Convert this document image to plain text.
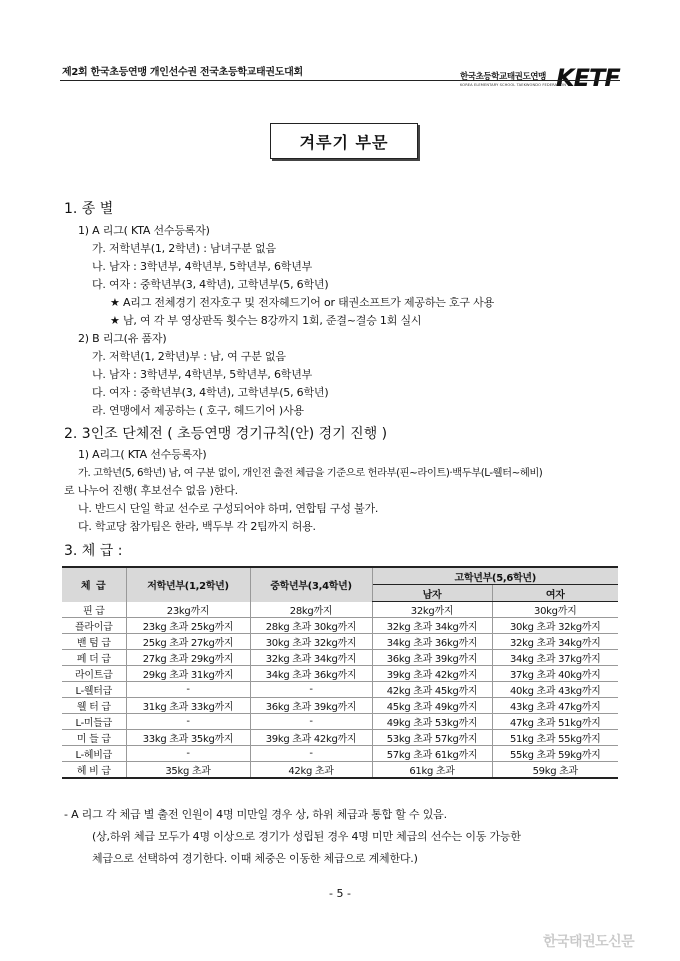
제2회 한국초등연맹 개인선수권 전국초등학교태권도대회	한국초등학교태권도연맹
KOREA ELEMENTARY SCHOOL TAEKWONDO FEDERATION
KETF
겨루기 부문
1. 종 별
1) A 리그( KTA 선수등록자)
가. 저학년부(1, 2학년) : 남녀구분 없음
나. 남자 : 3학년부, 4학년부, 5학년부, 6학년부
다. 여자 : 중학년부(3, 4학년), 고학년부(5, 6학년)
★ A리그 전체경기 전자호구 및 전자헤드기어 or 태권소프트가 제공하는 호구 사용
★ 남, 여 각 부 영상판독 횟수는 8강까지 1회, 준결~결승 1회 실시
2) B 리그(유 품자)
가. 저학년(1, 2학년)부 : 남, 여 구분 없음
나. 남자 : 3학년부, 4학년부, 5학년부, 6학년부
다. 여자 : 중학년부(3, 4학년), 고학년부(5, 6학년)
라. 연맹에서 제공하는 ( 호구, 헤드기어 )사용
2. 3인조 단체전 ( 초등연맹 경기규칙(안) 경기 진행 )
1) A리그( KTA 선수등록자)
가. 고학년(5, 6학년) 남, 여 구분 없이, 개인전 출전 체급을 기준으로 헌라부(핀~라이트)·백두부(L-웰터~헤비)
로 나누어 진행( 후보선수 없음 )한다.
나. 반드시 단일 학교 선수로 구성되어야 하며, 연합팀 구성 불가.
다. 학교당 참가팀은 한라, 백두부 각 2팀까지 허용.
3. 체 급 :
체 급	저학년부(1,2학년)	중학년부(3,4학년)	고학년부(5,6학년)	
			남자	여자
핀 급	23kg까지	28kg까지	32kg까지	30kg까지
플라이급	23kg 초과 25kg까지	28kg 초과 30kg까지	32kg 초과 34kg까지	30kg 초과 32kg까지
밴 텀 급	25kg 초과 27kg까지	30kg 초과 32kg까지	34kg 초과 36kg까지	32kg 초과 34kg까지
페 더 급	27kg 초과 29kg까지	32kg 초과 34kg까지	36kg 초과 39kg까지	34kg 초과 37kg까지
라이트급	29kg 초과 31kg까지	34kg 초과 36kg까지	39kg 초과 42kg까지	37kg 초과 40kg까지
L-웰터급	-	-	42kg 초과 45kg까지	40kg 초과 43kg까지
웰 터 급	31kg 초과 33kg까지	36kg 초과 39kg까지	45kg 초과 49kg까지	43kg 초과 47kg까지
L-미들급	-	-	49kg 초과 53kg까지	47kg 초과 51kg까지
미 들 급	33kg 초과 35kg까지	39kg 초과 42kg까지	53kg 초과 57kg까지	51kg 초과 55kg까지
L-헤비급	-	-	57kg 초과 61kg까지	55kg 초과 59kg까지
헤 비 급	35kg 초과	42kg 초과	61kg 초과	59kg 초과
- A 리그 각 체급 별 출전 인원이 4명 미만일 경우 상, 하위 체급과 통합 할 수 있음.
(상,하위 체급 모두가 4명 이상으로 경기가 성립된 경우 4명 미만 체급의 선수는 이동 가능한
체급으로 선택하여 경기한다. 이때 체중은 이동한 체급으로 계체한다.)
- 5 -
한국태권도신문
